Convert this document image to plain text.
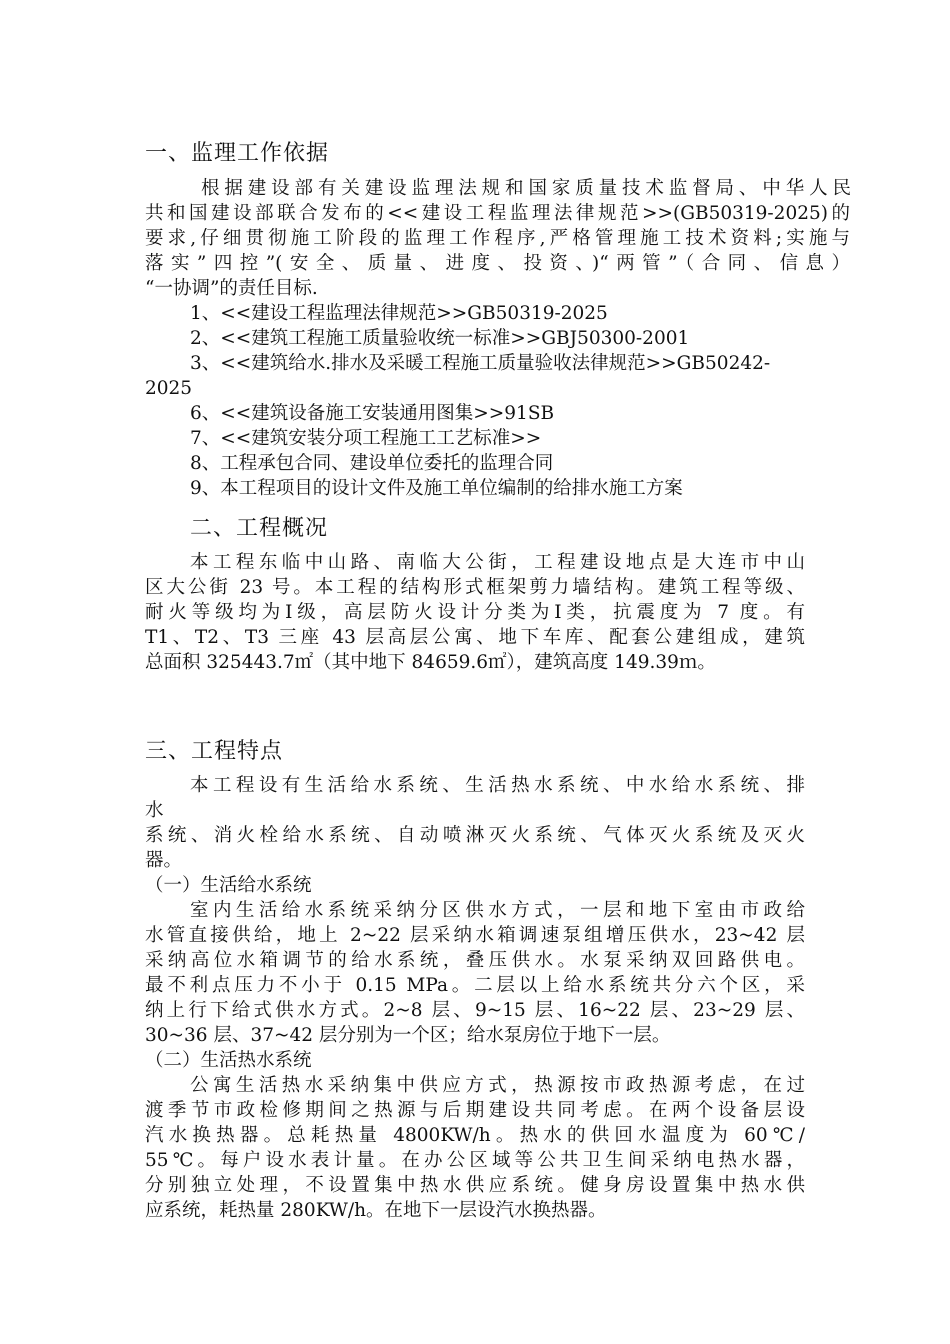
一、监理工作依据

根据建设部有关建设监理法规和国家质量技术监督局、中华人民

共和国建设部联合发布的<<建设工程监理法律规范>>(GB50319-2025)的

要求,仔细贯彻施工阶段的监理工作程序,严格管理施工技术资料;实施与

落实”四控”(安全、质量、进度、投资、)“两管”（合同、信息）

“一协调”的责任目标.

1、<<建设工程监理法律规范>>GB50319-2025

2、<<建筑工程施工质量验收统一标准>>GBJ50300-2001

3、<<建筑给水.排水及采暖工程施工质量验收法律规范>>GB50242-

2025

6、<<建筑设备施工安装通用图集>>91SB

7、<<建筑安装分项工程施工工艺标准>>

8、工程承包合同、建设单位委托的监理合同

9、本工程项目的设计文件及施工单位编制的给排水施工方案

二、工程概况

本工程东临中山路、南临大公街，工程建设地点是大连市中山

区大公街 23 号。本工程的结构形式框架剪力墙结构。建筑工程等级、

耐火等级均为Ⅰ级，高层防火设计分类为Ⅰ类，抗震度为 7 度。有

T1、T2、T3 三座 43 层高层公寓、地下车库、配套公建组成，建筑

总面积 325443.7㎡（其中地下 84659.6㎡），建筑高度 149.39ｍ。

三、工程特点

本工程设有生活给水系统、生活热水系统、中水给水系统、排

水

系统、消火栓给水系统、自动喷淋灭火系统、气体灭火系统及灭火

器。

（一）生活给水系统

室内生活给水系统采纳分区供水方式，一层和地下室由市政给

水管直接供给，地上 2~22 层采纳水箱调速泵组增压供水，23~42 层

采纳高位水箱调节的给水系统，叠压供水。水泵采纳双回路供电。

最不利点压力不小于 0.15 MPa。二层以上给水系统共分六个区，采

纳上行下给式供水方式。2~8 层、9~15 层、16~22 层、23~29 层、

30~36 层、37~42 层分别为一个区；给水泵房位于地下一层。

（二）生活热水系统

公寓生活热水采纳集中供应方式，热源按市政热源考虑，在过

渡季节市政检修期间之热源与后期建设共同考虑。在两个设备层设

汽水换热器。总耗热量 4800KW/h。热水的供回水温度为 60℃/

55℃。每户设水表计量。在办公区域等公共卫生间采纳电热水器，

分别独立处理，不设置集中热水供应系统。健身房设置集中热水供

应系统，耗热量 280KW/h。在地下一层设汽水换热器。
